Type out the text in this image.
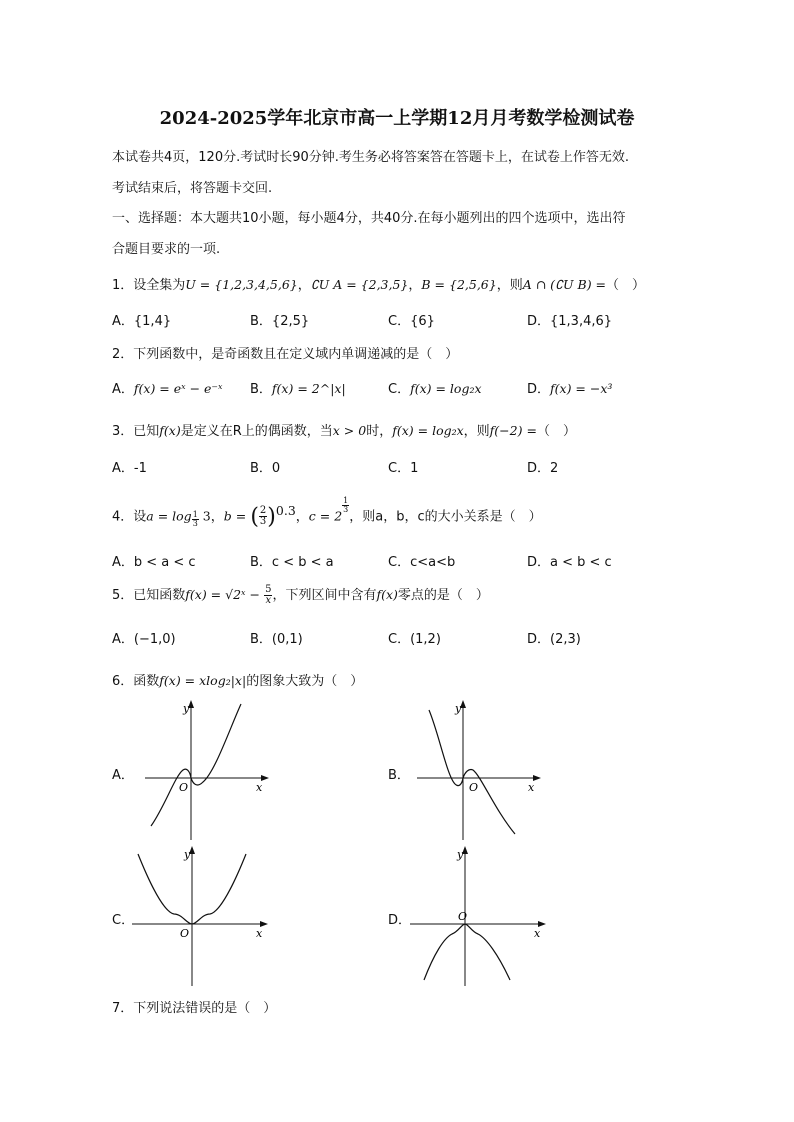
2024-2025学年北京市高一上学期12月月考数学检测试卷
本试卷共4页，120分.考试时长90分钟.考生务必将答案答在答题卡上，在试卷上作答无效.
考试结束后，将答题卡交回.
一、选择题：本大题共10小题，每小题4分，共40分.在每小题列出的四个选项中，选出符
合题目要求的一项.
1．设全集为U = {1,2,3,4,5,6}，∁U A = {2,3,5}，B = {2,5,6}，则A ∩ (∁U B) =（　）
A．{1,4}	B．{2,5}	C．{6}	D．{1,3,4,6}
2．下列函数中，是奇函数且在定义域内单调递减的是（　）
A．f(x) = eˣ − e⁻ˣ B．f(x) = 2^|x|	C．f(x) = log₂x	D．f(x) = −x³
3．已知f(x)是定义在R上的偶函数，当x > 0时，f(x) = log₂x，则f(−2) =（　）
A．-1	B．0	C．1	D．2
4．设$a = \log \frac{1}{3} 3$，b = ( $\frac{2}{3} )^{0.3}$，c = 2
$\frac{1}{3}$
，则a，b，c的大小关系是（　）
A．b < a < c	B．c < b < a	C．c<a<b	D．a < b < c
5．已知函数f(x) = √2ˣ − $\frac{5}{x}$ ，下列区间中含有f(x)零点的是（　）
A．(−1,0)	B．(0,1)	C．(1,2)	D．(2,3)
6．函数f(x) = xlog₂|x|的图象大致为（　）
A．	B．
C．	D．
y
x
O
y
x
O
y
x
O
y
x
O
7．下列说法错误的是（　）
